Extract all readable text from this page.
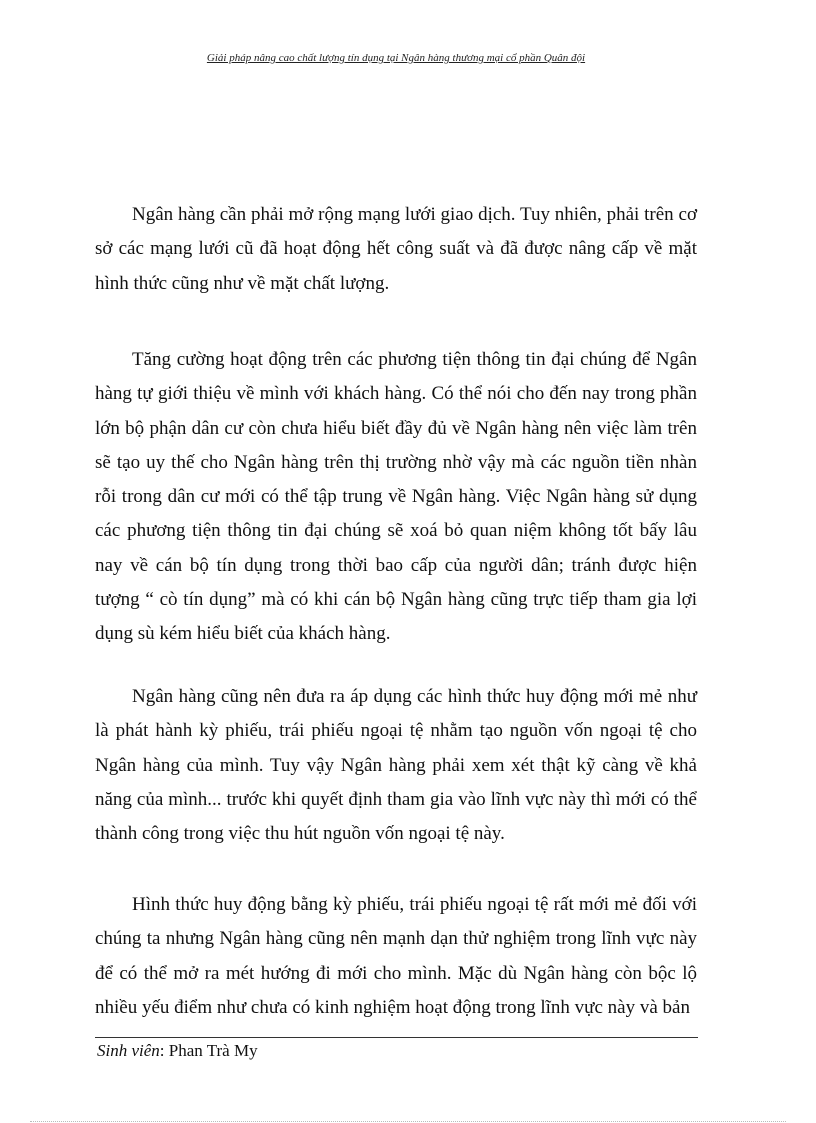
Giải pháp nâng cao chất lượng tín dụng tại Ngân hàng thương mại cổ phần Quân đội

Ngân hàng cần phải mở rộng mạng lưới giao dịch. Tuy nhiên, phải trên cơ sở các mạng lưới cũ đã hoạt động hết công suất và đã được nâng cấp về mặt hình thức cũng như về mặt chất lượng.

Tăng cường hoạt động trên các phương tiện thông tin đại chúng để Ngân hàng tự giới thiệu về mình với khách hàng. Có thể nói cho đến nay trong phần lớn bộ phận dân cư còn chưa hiểu biết đầy đủ về Ngân hàng nên việc làm trên sẽ tạo uy thế cho Ngân hàng trên thị trường nhờ vậy mà các nguồn tiền nhàn rỗi trong dân cư mới có thể tập trung về Ngân hàng. Việc Ngân hàng sử dụng các phương tiện thông tin đại chúng sẽ xoá bỏ quan niệm không tốt bấy lâu nay về cán bộ tín dụng trong thời bao cấp của người dân; tránh được hiện tượng “ cò tín dụng” mà có khi cán bộ Ngân hàng cũng trực tiếp tham gia lợi dụng sù kém hiểu biết của khách hàng.

Ngân hàng cũng nên đưa ra áp dụng các hình thức huy động mới mẻ như là phát hành kỳ phiếu, trái phiếu ngoại tệ nhằm tạo nguồn vốn ngoại tệ cho Ngân hàng của mình. Tuy vậy Ngân hàng phải xem xét thật kỹ càng về khả năng của mình... trước khi quyết định tham gia vào lĩnh vực này thì mới có thể thành công trong việc thu hút nguồn vốn ngoại tệ này.

Hình thức huy động bằng kỳ phiếu, trái phiếu ngoại tệ rất mới mẻ đối với chúng ta nhưng Ngân hàng cũng nên mạnh dạn thử nghiệm trong lĩnh vực này để có thể mở ra mét hướng đi mới cho mình. Mặc dù Ngân hàng còn bộc lộ nhiều yếu điểm như chưa có kinh nghiệm hoạt động trong lĩnh vực này và bản

Sinh viên: Phan Trà My
